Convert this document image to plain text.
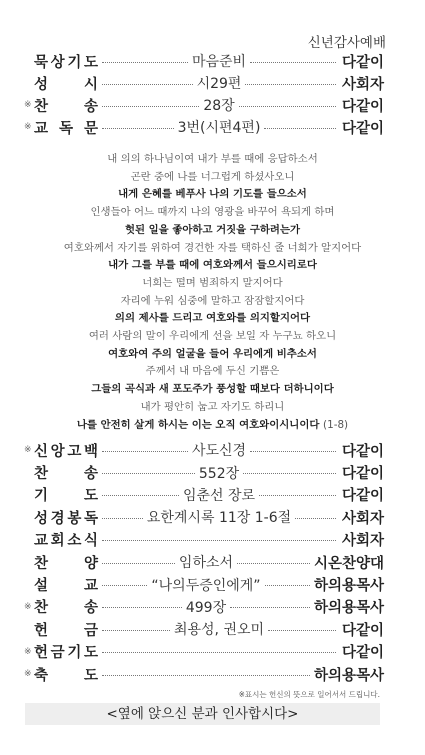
신년감사예배
묵 상 기 도	마음준비	다같이
성 시	시29편	사회자
※ 찬 송	28장	다같이
※ 교 독 문	3번(시편4편)	다같이
내 의의 하나님이여 내가 부를 때에 응답하소서
곤란 중에 나를 너그럽게 하셨사오니
내게 은혜를 베푸사 나의 기도를 들으소서
인생들아 어느 때까지 나의 영광을 바꾸어 욕되게 하며
헛된 일을 좋아하고 거짓을 구하려는가
여호와께서 자기를 위하여 경건한 자를 택하신 줄 너희가 알지어다
내가 그를 부를 때에 여호와께서 들으시리로다
너희는 떨며 범죄하지 말지어다
자리에 누워 심중에 말하고 잠잠할지어다
의의 제사를 드리고 여호와를 의지할지어다
여러 사람의 말이 우리에게 선을 보일 자 누구뇨 하오니
여호와여 주의 얼굴을 들어 우리에게 비추소서
주께서 내 마음에 두신 기쁨은
그들의 곡식과 새 포도주가 풍성할 때보다 더하니이다
내가 평안히 눕고 자기도 하리니
나를 안전히 살게 하시는 이는 오직 여호와이시니이다 (1-8)
※ 신 앙 고 백	사도신경	다같이
찬 송	552장	다같이
기 도	임춘선 장로	다같이
성 경 봉 독	요한계시록 11장 1-6절	사회자
교 회 소 식	사회자
찬 양	임하소서	시온찬양대
설 교	“나의두증인에게”	하의용목사
※ 찬 송	499장	하의용목사
헌 금	최용성, 권오미	다같이
※ 헌 금 기 도	다같이
※ 축 도	하의용목사
※표시는 헌신의 뜻으로 일어서서 드립니다.
<옆에 앉으신 분과 인사합시다>
